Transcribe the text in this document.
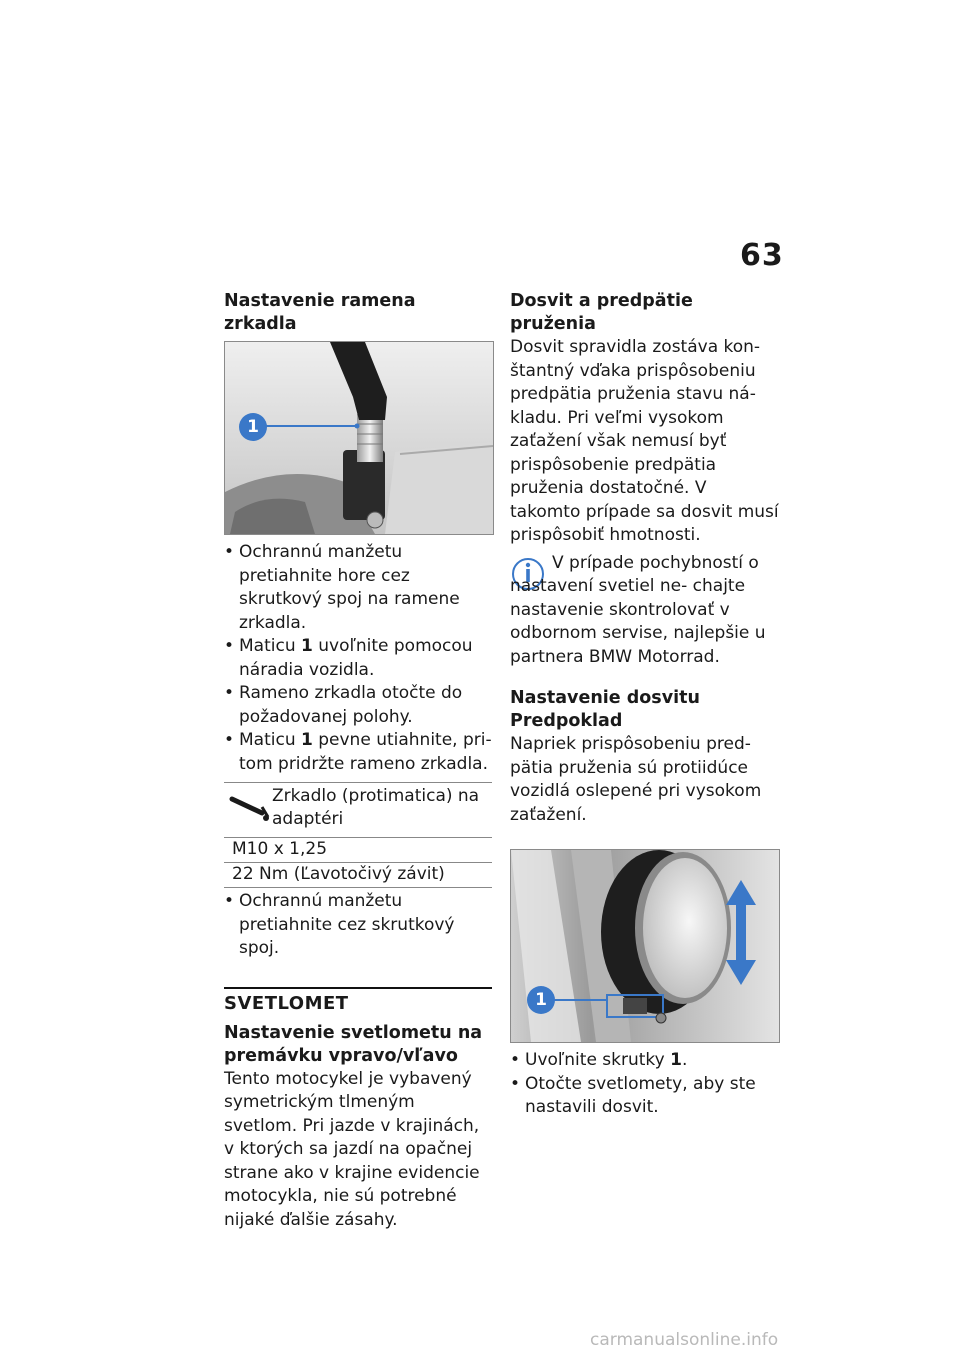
63
Nastavenie ramena zrkadla
1
• Ochrannú manžetu pretiahnite hore cez skrutkový spoj na ramene zrkadla.
• Maticu 1 uvoľnite pomocou náradia vozidla.
• Rameno zrkadla otočte do požadovanej polohy.
• Maticu 1 pevne utiahnite, pri- tom pridržte rameno zrkadla.
Zrkadlo (protimatica) na adaptéri
M10 x 1,25
22 Nm (Ľavotočivý závit)
• Ochrannú manžetu pretiahnite cez skrutkový spoj.
SVETLOMET
Nastavenie svetlometu na premávku vpravo/vľavo

Tento motocykel je vybavený symetrickým tlmeným svetlom. Pri jazde v krajinách, v ktorých sa jazdí na opačnej strane ako v krajine evidencie motocykla, nie sú potrebné nijaké ďalšie zásahy.

Dosvit a predpätie pruženia

Dosvit spravidla zostáva kon- štantný vďaka prispôsobeniu predpätia pruženia stavu ná- kladu. Pri veľmi vysokom zaťažení však nemusí byť prispôsobenie predpätia pruženia dostatočné. V takomto prípade sa dosvit musí prispôsobiť hmotnosti.

V prípade pochybností o nastavení svetiel ne- chajte nastavenie skontrolovať v odbornom servise, najlepšie u partnera BMW Motorrad.

Nastavenie dosvitu
Predpoklad

Napriek prispôsobeniu pred- pätia pruženia sú protiidúce vozidlá oslepené pri vysokom zaťažení.

1
• Uvoľnite skrutky 1.
• Otočte svetlomety, aby ste nastavili dosvit.
carmanualsonline.info
